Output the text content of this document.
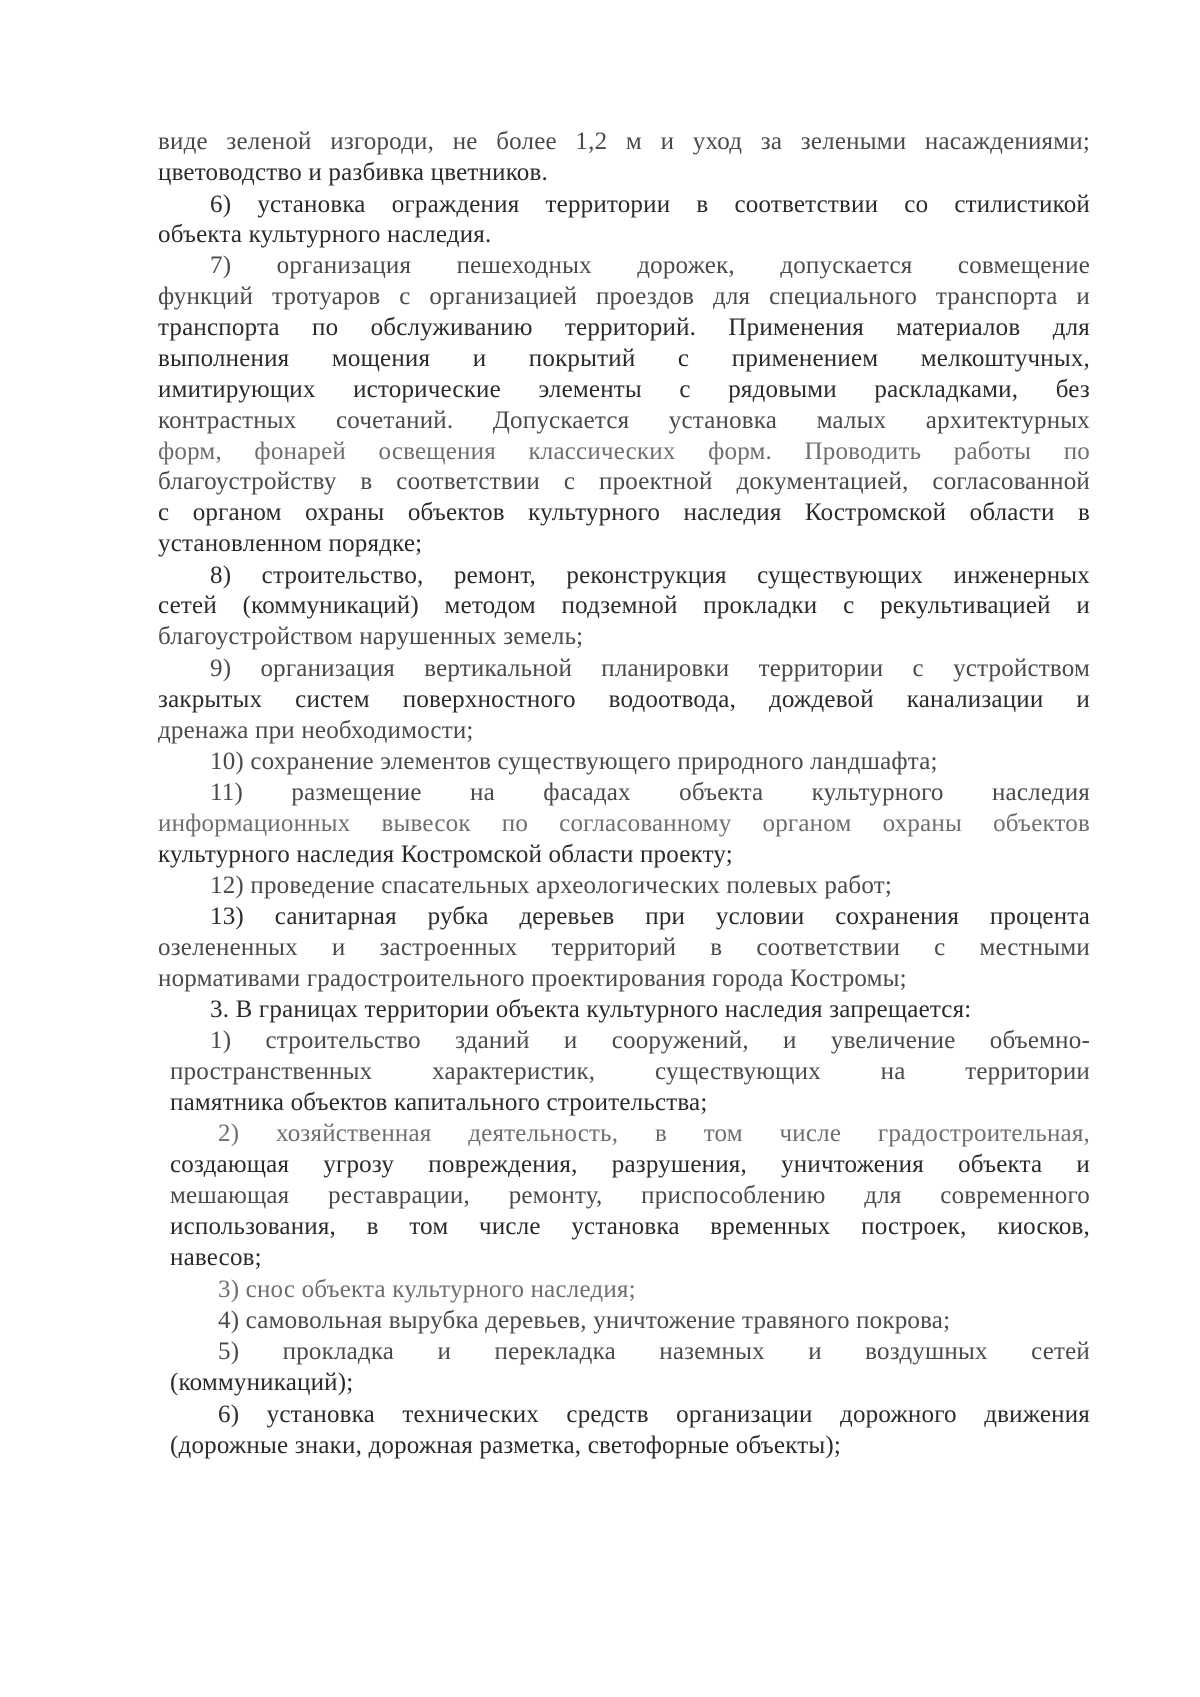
виде зеленой изгороди, не более 1,2 м и уход за зелеными насаждениями;
цветоводство и разбивка цветников.
6) установка ограждения территории в соответствии со стилистикой
объекта культурного наследия.
7) организация пешеходных дорожек, допускается совмещение
функций тротуаров с организацией проездов для специального транспорта и
транспорта по обслуживанию территорий. Применения материалов для
выполнения мощения и покрытий с применением мелкоштучных,
имитирующих исторические элементы с рядовыми раскладками, без
контрастных сочетаний. Допускается установка малых архитектурных
форм, фонарей освещения классических форм. Проводить работы по
благоустройству в соответствии с проектной документацией, согласованной
с органом охраны объектов культурного наследия Костромской области в
установленном порядке;
8) строительство, ремонт, реконструкция существующих инженерных
сетей (коммуникаций) методом подземной прокладки с рекультивацией и
благоустройством нарушенных земель;
9) организация вертикальной планировки территории с устройством
закрытых систем поверхностного водоотвода, дождевой канализации и
дренажа при необходимости;
10) сохранение элементов существующего природного ландшафта;
11) размещение на фасадах объекта культурного наследия
информационных вывесок по согласованному органом охраны объектов
культурного наследия Костромской области проекту;
12) проведение спасательных археологических полевых работ;
13) санитарная рубка деревьев при условии сохранения процента
озелененных и застроенных территорий в соответствии с местными
нормативами градостроительного проектирования города Костромы;
3. В границах территории объекта культурного наследия запрещается:
1) строительство зданий и сооружений, и увеличение объемно-
пространственных характеристик, существующих на территории
памятника объектов капитального строительства;
2) хозяйственная деятельность, в том числе градостроительная,
создающая угрозу повреждения, разрушения, уничтожения объекта и
мешающая реставрации, ремонту, приспособлению для современного
использования, в том числе установка временных построек, киосков,
навесов;
3) снос объекта культурного наследия;
4) самовольная вырубка деревьев, уничтожение травяного покрова;
5) прокладка и перекладка наземных и воздушных сетей
(коммуникаций);
6) установка технических средств организации дорожного движения
(дорожные знаки, дорожная разметка, светофорные объекты);
